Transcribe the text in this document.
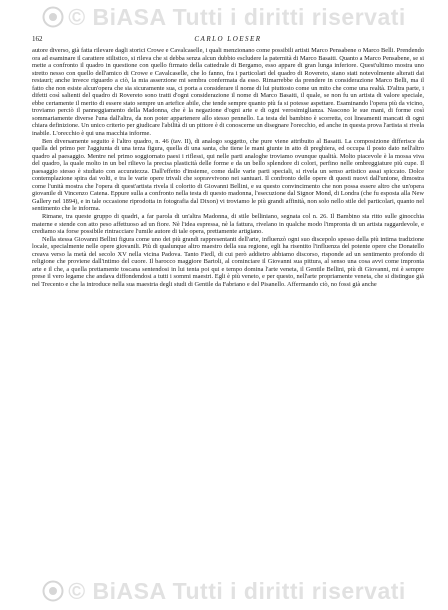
© BiASA Tutti i diritti riservati
162	CARLO LOESER

autore diverso, già fatta rilevare dagli storici Crowe e Cavalcaselle, i quali menzionano come possibili artisti Marco Pensabene o Marco Belli. Prendendo ora ad esaminare il carattere stilistico, si rileva che si debba senza alcun dubbio escludere la paternità di Marco Basaiti. Quanto a Marco Pensabene, se si mette a confronto il quadro in questione con quello firmato della cattedrale di Bergamo, esso appare di gran lunga inferiore. Quest'ultimo mostra uno stretto nesso con quello dell'amico di Crowe e Cavalcaselle, che lo fanno, fra i particolari del quadro di Rovereto, siano stati notevolmente alterati dai restauri; anche invece riguardo a ciò, la mia asserzione mi sembra confermata da esso. Rimarrebbe da prendere in considerazione Marco Belli, ma il fatto che non esiste alcun'opera che sia sicuramente sua, ci porta a considerare il nome di lui piuttosto come un mito che come una realtà. D'altra parte, i difetti così salienti del quadro di Rovereto sono tratti d'ogni considerazione il nome di Marco Basaiti, il quale, se non fu un artista di valore speciale, ebbe certamente il merito di essere stato sempre un artefice abile, che tende sempre quanto più fa si potesse aspettare. Esaminando l'opera più da vicino, troviamo perciò il panneggiamento della Madonna, che è la negazione d'ogni arte e di ogni verosimiglianza. Nascono le sue mani, di forme così sommariamente diverse l'una dall'altra, da non poter appartenere allo stesso pennello. La testa del bambino è scorretta, coi lineamenti mancati di ogni chiara definizione. Un unico criterio per giudicare l'abilità di un pittore è di conoscerne un disegnare l'orecchio, ed anche in questa prova l'artista si rivela inabile. L'orecchio è qui una macchia informe.

Ben diversamente seguito è l'altro quadro, n. 46 (tav. II), di analogo soggetto, che pure viene attribuito al Basaiti. La composizione differisce da quella del primo per l'aggiunta di una terza figura, quella di una santa, che tiene le mani giunte in atto di preghiera, ed occupa il posto dato nell'altro quadro al paesaggio. Mentre nel primo soggiornato paesi i riflessi, qui nelle parti analoghe troviamo ovunque qualità. Molto piacevole è la mossa viva del quadro, la quale molto in un bel rilievo la precisa plasticità delle forme e da un bello splendore di colori, perfino nelle ombreggiature più cupe. Il paesaggio stesso è studiato con accuratezza. Dall'effetto d'insieme, come dalle varie parti speciali, si rivela un senso artistico assai spiccato. Dolce contemplazione spira dai volti, e tra le varie opere trivali che sopravvivono nei santuari. Il confronto delle opere di questi nuovi dall'unione, dimostra come l'unità mostra che l'opera di quest'artista rivela il colorito di Giovanni Bellini, e su questo convincimento che non possa essere altro che un'opera giovanile di Vincenzo Catena. Eppure sulla a confronto nella testa di questo madonna, l'esecuzione dal Signor Mond, di Londra (che fu esposta alla New Gallery nel 1894), e in tale occasione riprodotta in fotografia dal Dixon) vi troviamo le più grandi affinità, non solo nello stile del particolari, quanto nel sentimento che le informa.

Rimane, tra queste gruppo di quadri, a far parola di un'altra Madonna, di stile belliniano, segnata col n. 26. Il Bambino sta ritto sulle ginocchia materne e stende con atto peso affettuoso ad un fiore. Nè l'idea espressa, nè la fattura, rivelano in qualche modo l'impronta di un artista raggardevole, e crediamo sia forse possibile rintracciare l'umile autore di tale opera, prettamente artigiano.

Nella stessa Giovanni Bellini figura come uno dei più grandi rappresentanti dell'arte, influenzò ogni suo discepolo spesso della più intima tradizione locale, specialmente nelle opere giovanili. Più di qualunque altro maestro della sua regione, egli ha risentito l'influenza del potente opere che Donatello creava verso la metà del secolo XV nella vicina Padova. Tanto Fiedl, di cui però addietro abbiamo discorso, risponde ad un sentimento profondo di religione che proviene dall'intimo del cuore. Il barocco maggiore Bartoli, al cominciare il Giovanni sua pittura, al senso una cosa avvi come impronta arte e il che, a quella prettamente toscana sentendosi in lui tenta poi qui e tempo domina l'arte veneta, il Gentile Bellini, più di Giovanni, mi è sempre prese il vero legame che andava diffondendosi a tutti i sommi maestri. Egli è più veneto, e per questo, nell'arte propriamente veneta, che si distingue già nel Trecento e che la introduce nella sua maestria degli studi di Gentile da Fabriano e del Pisanello. Affermando ciò, no fossi già anche

© BiASA Tutti i diritti riservati
